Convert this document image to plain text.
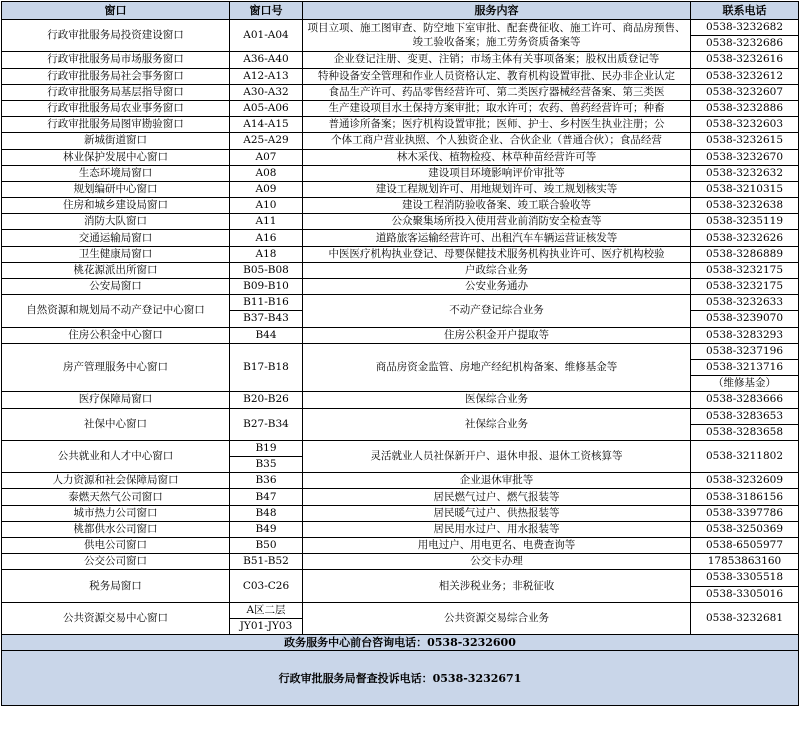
窗口	窗口号	服务内容	联系电话
行政审批服务局投资建设窗口	A01-A04	项目立项、施工图审查、防空地下室审批、配套费征收、施工许可、商品房预售、竣工验收备案；施工劳务资质备案等	0538-3232682
			0538-3232686
行政审批服务局市场服务窗口	A36-A40	企业登记注册、变更、注销；市场主体有关事项备案；股权出质登记等	0538-3232616
行政审批服务局社会事务窗口	A12-A13	特种设备安全管理和作业人员资格认定、教育机构设置审批、民办非企业认定	0538-3232612
行政审批服务局基层指导窗口	A30-A32	食品生产许可、药品零售经营许可、第二类医疗器械经营备案、第三类医	0538-3232607
行政审批服务局农业事务窗口	A05-A06	生产建设项目水土保持方案审批；取水许可；农药、兽药经营许可；种畜	0538-3232886
行政审批服务局图审勘验窗口	A14-A15	普通诊所备案；医疗机构设置审批；医师、护士、乡村医生执业注册；公	0538-3232603
新城街道窗口	A25-A29	个体工商户营业执照、个人独资企业、合伙企业（普通合伙）；食品经营	0538-3232615
林业保护发展中心窗口	A07	林木采伐、植物检疫、林草种苗经营许可等	0538-3232670
生态环境局窗口	A08	建设项目环境影响评价审批等	0538-3232632
规划编研中心窗口	A09	建设工程规划许可、用地规划许可、竣工规划核实等	0538-3210315
住房和城乡建设局窗口	A10	建设工程消防验收备案、竣工联合验收等	0538-3232638
消防大队窗口	A11	公众聚集场所投入使用营业前消防安全检查等	0538-3235119
交通运输局窗口	A16	道路旅客运输经营许可、出租汽车车辆运营证核发等	0538-3232626
卫生健康局窗口	A18	中医医疗机构执业登记、母婴保健技术服务机构执业许可、医疗机构校验	0538-3286889
桃花源派出所窗口	B05-B08	户政综合业务	0538-3232175
公安局窗口	B09-B10	公安业务通办	0538-3232175
自然资源和规划局不动产登记中心窗口	B11-B16	不动产登记综合业务	0538-3232633
	B37-B43		0538-3239070
住房公积金中心窗口	B44	住房公积金开户提取等	0538-3283293
房产管理服务中心窗口	B17-B18	商品房资金监管、房地产经纪机构备案、维修基金等	0538-3237196
			0538-3213716
			（维修基金）
医疗保障局窗口	B20-B26	医保综合业务	0538-3283666
社保中心窗口	B27-B34	社保综合业务	0538-3283653
			0538-3283658
公共就业和人才中心窗口	B19	灵活就业人员社保新开户、退休申报、退休工资核算等	0538-3211802
	B35		
人力资源和社会保障局窗口	B36	企业退休审批等	0538-3232609
泰燃天然气公司窗口	B47	居民燃气过户、燃气报装等	0538-3186156
城市热力公司窗口	B48	居民暖气过户、供热报装等	0538-3397786
桃都供水公司窗口	B49	居民用水过户、用水报装等	0538-3250369
供电公司窗口	B50	用电过户、用电更名、电费查询等	0538-6505977
公交公司窗口	B51-B52	公交卡办理	17853863160
税务局窗口	C03-C26	相关涉税业务；非税征收	0538-3305518
			0538-3305016
公共资源交易中心窗口	A区二层	公共资源交易综合业务	0538-3232681
	JY01-JY03		
政务服务中心前台咨询电话：0538-3232600			
行政审批服务局督查投诉电话：0538-3232671			
